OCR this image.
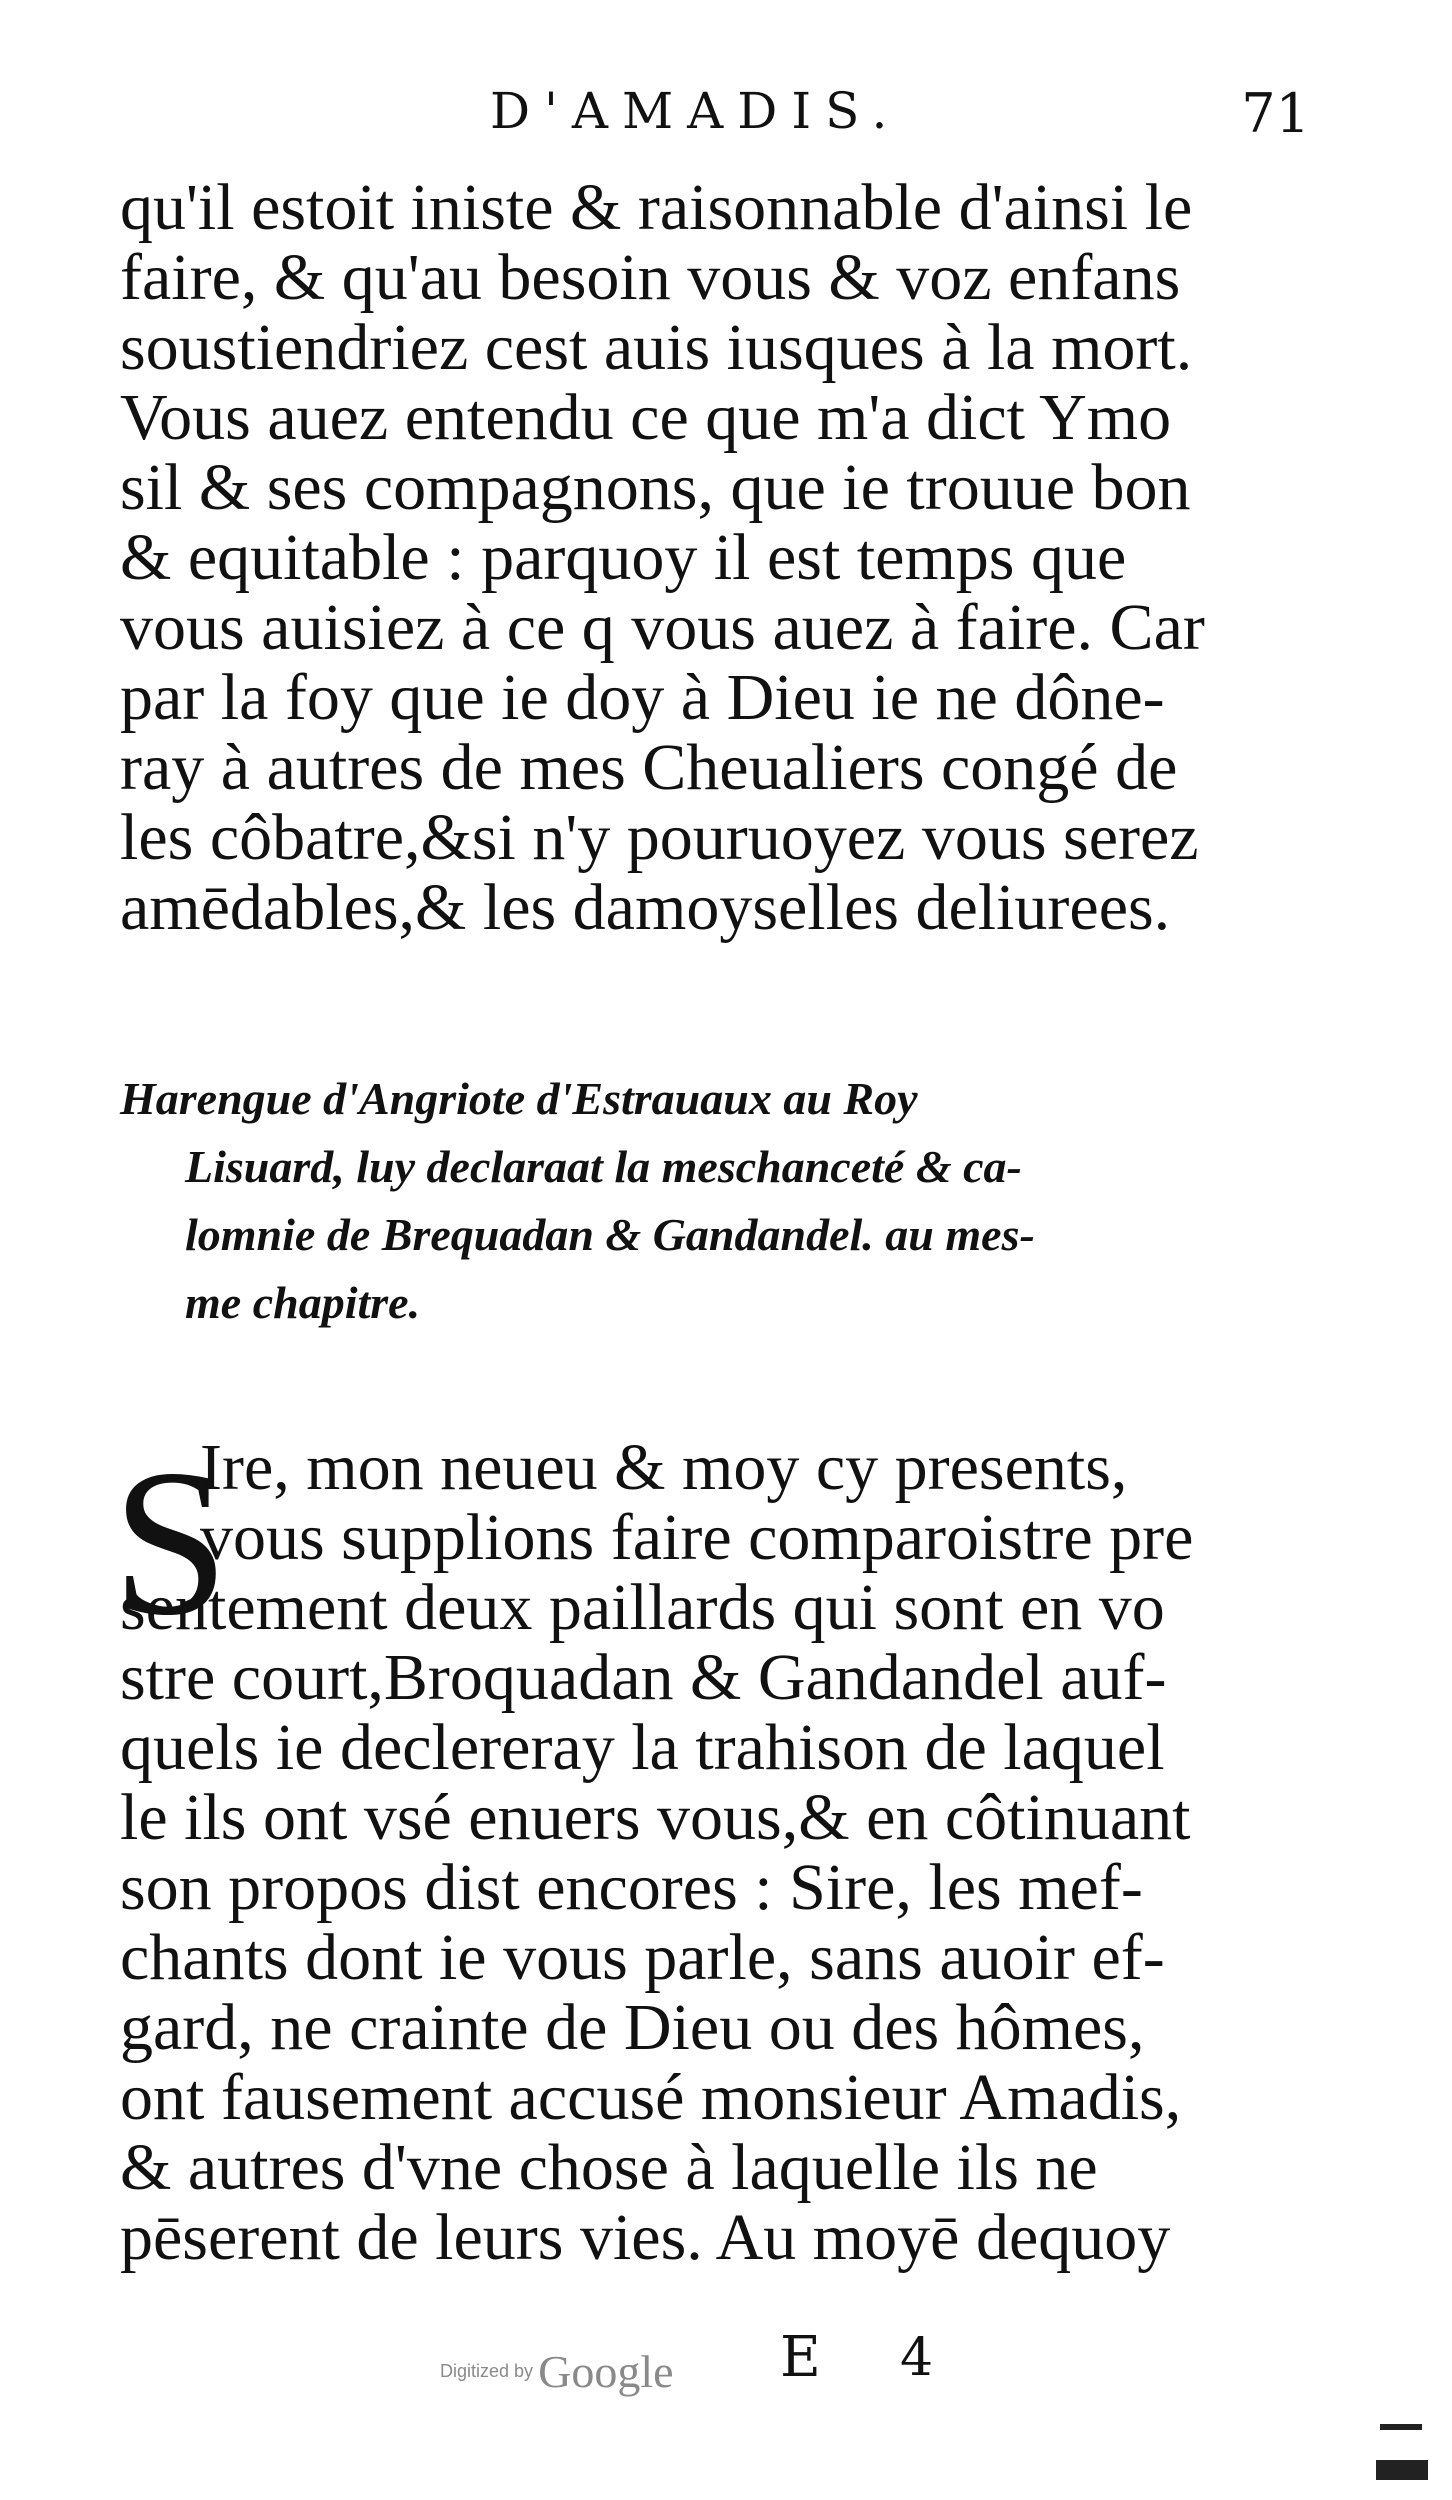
D'AMADIS.	71
qu'il estoit iniste & raisonnable d'ainsi le
faire, & qu'au besoin vous & voz enfans
soustiendriez cest auis iusques à la mort.
Vous auez entendu ce que m'a dict Ymo
sil & ses compagnons, que ie trouue bon
& equitable : parquoy il est temps que
vous auisiez à ce q vous auez à faire. Car
par la foy que ie doy à Dieu ie ne dône-
ray à autres de mes Cheualiers congé de
les côbatre,&si n'y pouruoyez vous serez
amēdables,& les damoyselles deliurees.
Harengue d'Angriote d'Estrauaux au Roy
Lisuard, luy declaraat la meschanceté & ca-
lomnie de Brequadan & Gandandel. au mes-
me chapitre.
S
Ire, mon neueu & moy cy presents,
vous supplions faire comparoistre pre
sentement deux paillards qui sont en vo
stre court,Broquadan & Gandandel auf-
quels ie declereray la trahison de laquel
le ils ont vsé enuers vous,& en côtinuant
son propos dist encores : Sire, les mef-
chants dont ie vous parle, sans auoir ef-
gard, ne crainte de Dieu ou des hômes,
ont fausement accusé monsieur Amadis,
& autres d'vne chose à laquelle ils ne
pēserent de leurs vies. Au moyē dequoy
Digitized by Google E 4
